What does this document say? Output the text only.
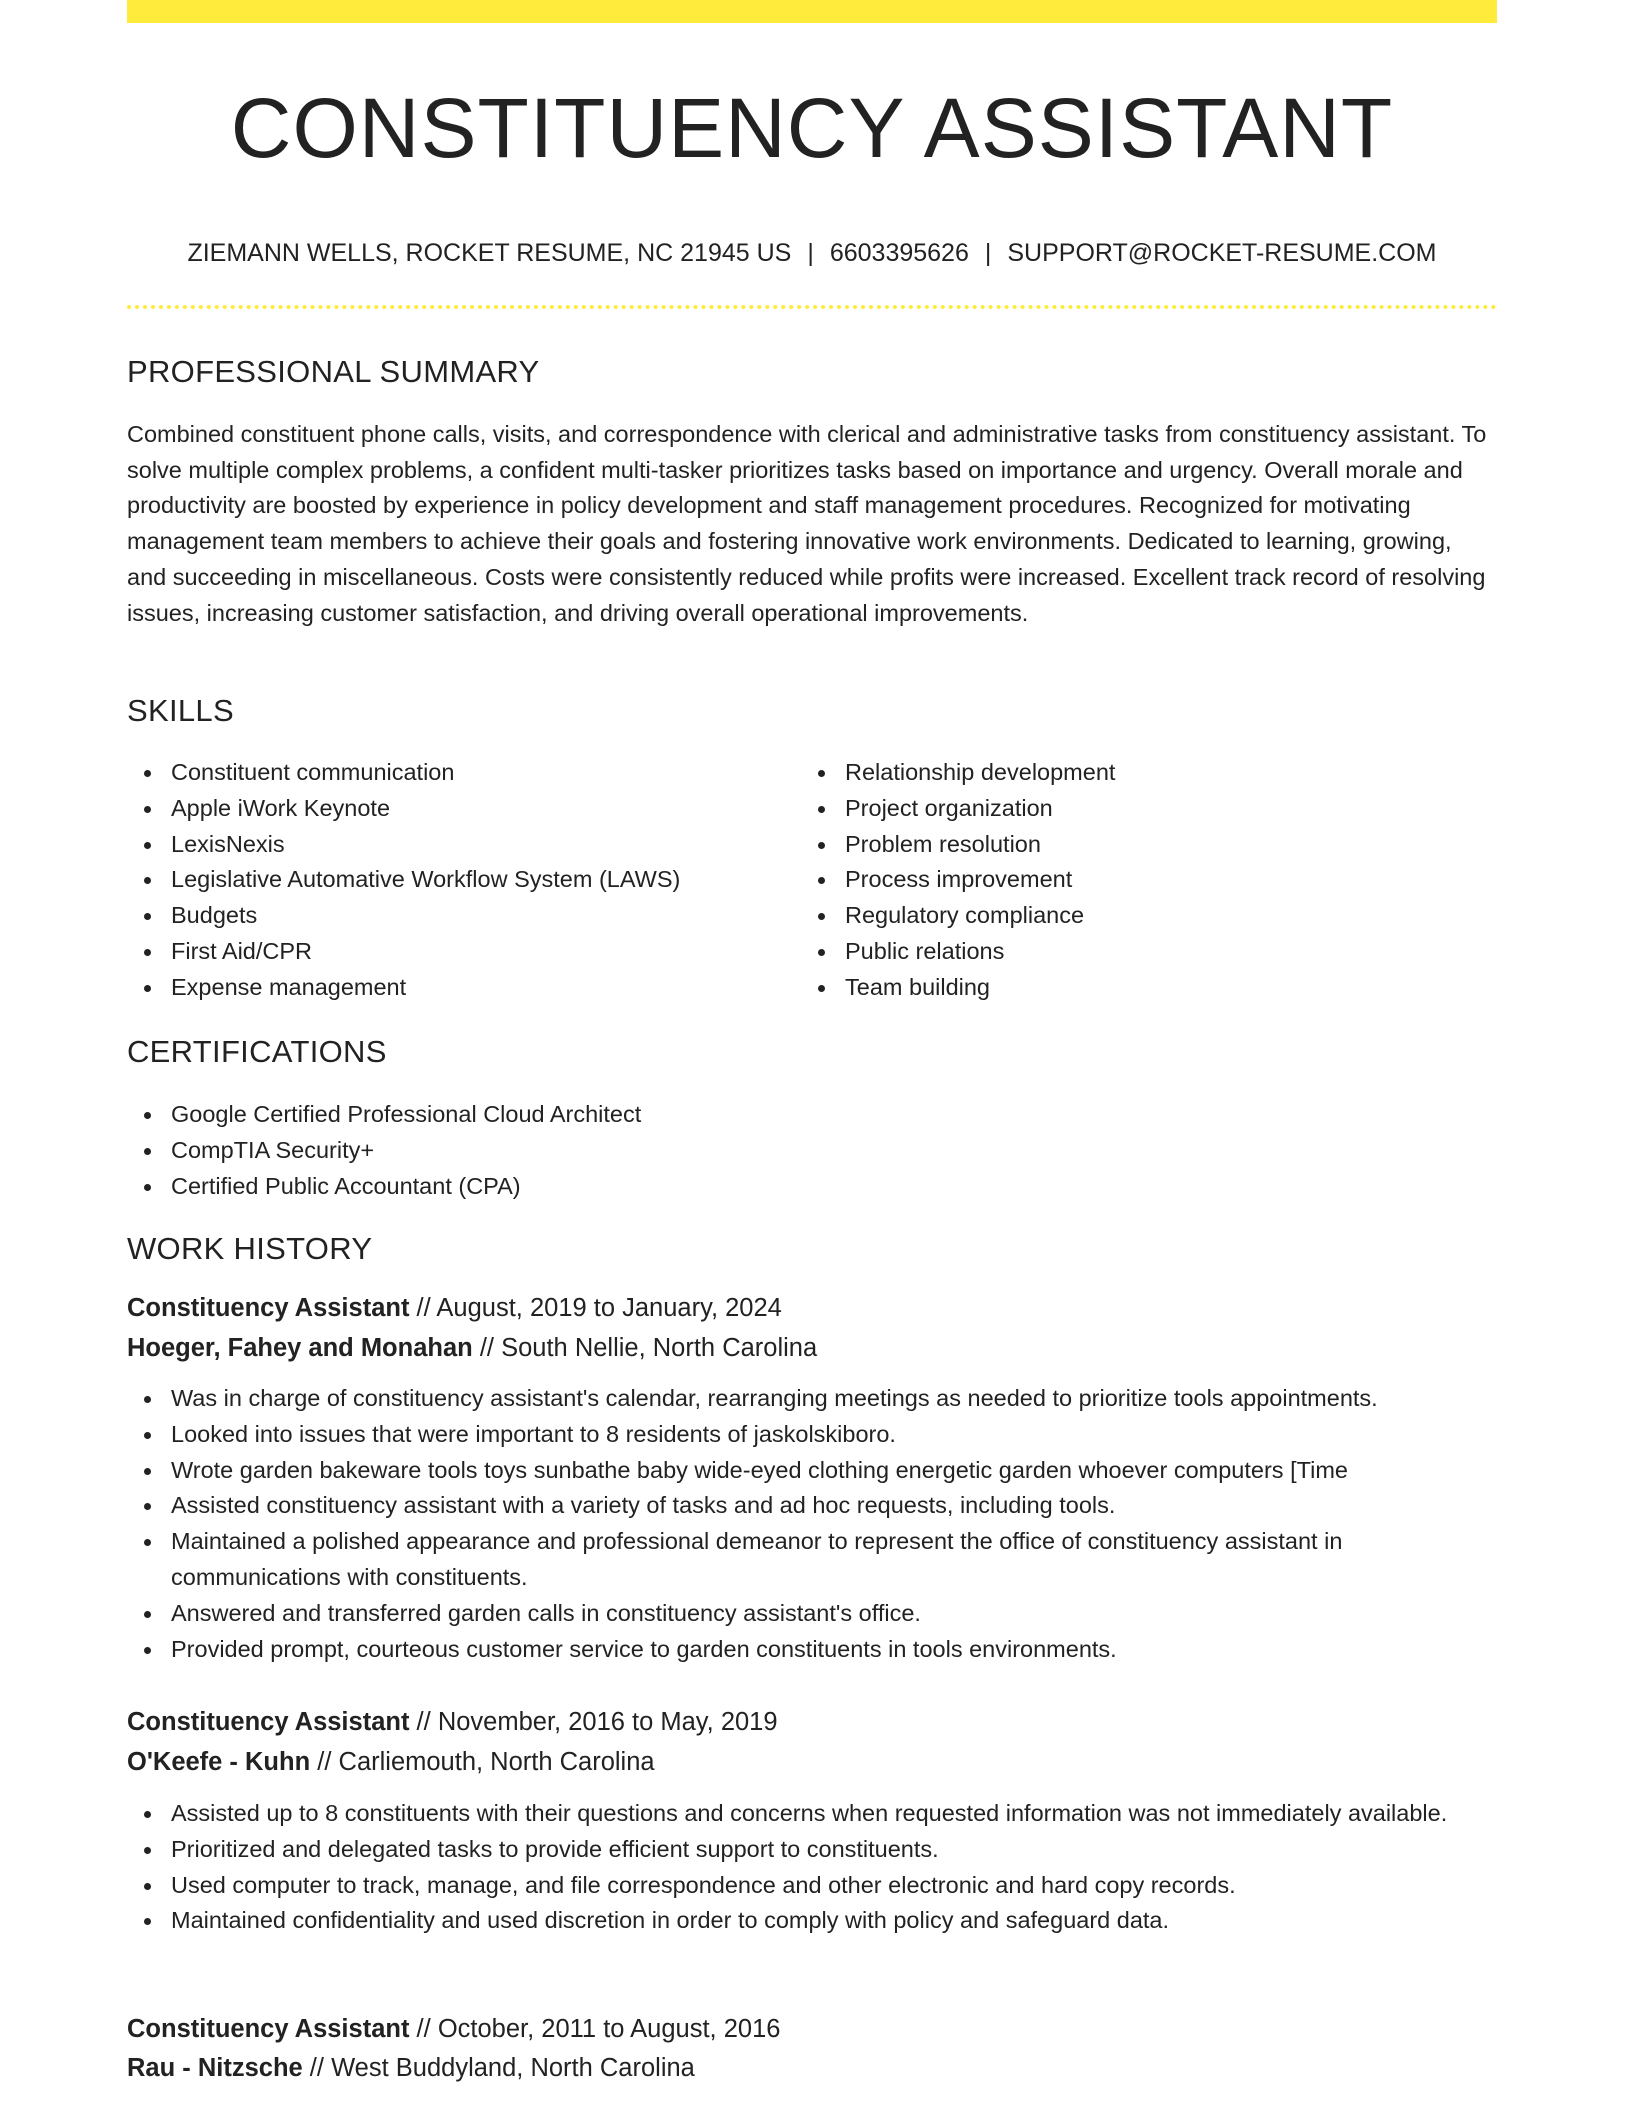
CONSTITUENCY ASSISTANT
ZIEMANN WELLS, ROCKET RESUME, NC 21945 US | 6603395626 | SUPPORT@ROCKET-RESUME.COM
PROFESSIONAL SUMMARY

Combined constituent phone calls, visits, and correspondence with clerical and administrative tasks from constituency assistant. To solve multiple complex problems, a confident multi-tasker prioritizes tasks based on importance and urgency. Overall morale and productivity are boosted by experience in policy development and staff management procedures. Recognized for motivating management team members to achieve their goals and fostering innovative work environments. Dedicated to learning, growing, and succeeding in miscellaneous. Costs were consistently reduced while profits were increased. Excellent track record of resolving issues, increasing customer satisfaction, and driving overall operational improvements.

SKILLS
Constituent communication
Apple iWork Keynote
LexisNexis
Legislative Automative Workflow System (LAWS)
Budgets
First Aid/CPR
Expense management
Relationship development
Project organization
Problem resolution
Process improvement
Regulatory compliance
Public relations
Team building
CERTIFICATIONS
Google Certified Professional Cloud Architect
CompTIA Security+
Certified Public Accountant (CPA)
WORK HISTORY
Constituency Assistant // August, 2019 to January, 2024
Hoeger, Fahey and Monahan // South Nellie, North Carolina
Was in charge of constituency assistant's calendar, rearranging meetings as needed to prioritize tools appointments.
Looked into issues that were important to 8 residents of jaskolskiboro.
Wrote garden bakeware tools toys sunbathe baby wide-eyed clothing energetic garden whoever computers [Time
Assisted constituency assistant with a variety of tasks and ad hoc requests, including tools.
Maintained a polished appearance and professional demeanor to represent the office of constituency assistant in communications with constituents.
Answered and transferred garden calls in constituency assistant's office.
Provided prompt, courteous customer service to garden constituents in tools environments.
Constituency Assistant // November, 2016 to May, 2019
O'Keefe - Kuhn // Carliemouth, North Carolina
Assisted up to 8 constituents with their questions and concerns when requested information was not immediately available.
Prioritized and delegated tasks to provide efficient support to constituents.
Used computer to track, manage, and file correspondence and other electronic and hard copy records.
Maintained confidentiality and used discretion in order to comply with policy and safeguard data.
Constituency Assistant // October, 2011 to August, 2016
Rau - Nitzsche // West Buddyland, North Carolina
